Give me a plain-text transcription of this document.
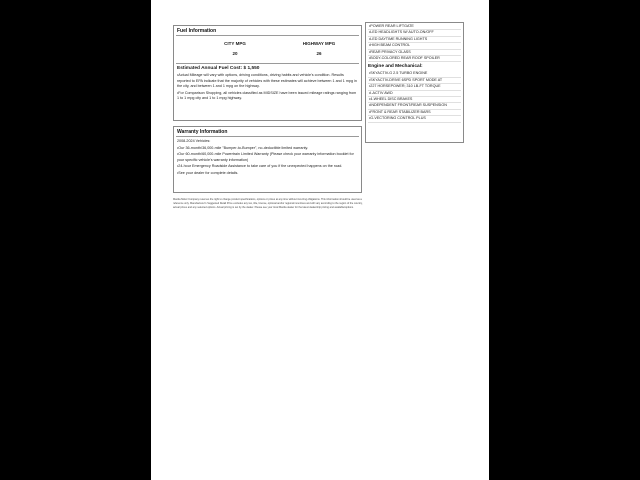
Fuel Information
CITY MPG
20
HIGHWAY MPG
26
Estimated Annual Fuel Cost: $ 1,550

•Actual Mileage will vary with options, driving conditions, driving habits and vehicle's condition. Results reported to EPA indicate that the majority of vehicles with these estimates will achieve between 1 and 1 mpg in the city, and between 1 and 1 mpg on the highway.

•For Comparison Shopping, all vehicles classified as MIDSIZE have been issued mileage ratings ranging from 1 to 1 mpg city and 1 to 1 mpg highway.

Warranty Information

2008-2024 Vehicles:

•Our 36-month/36,000-mile "Bumper-to-Bumper", no-deductible limited warranty.

•Our 60-month/60,000-mile Powertrain Limited Warranty (Please check your warranty information booklet for your specific vehicle's warranty information)

•24-hour Emergency Roadside Assistance to take care of you if the unexpected happens on the road.

•See your dealer for complete details.

Mazda Motor Company reserves the right to change product specifications, options or prices at any time without incurring obligations. This information should be used as a reference only. Manufacturer's Suggested Retail Price excludes any tax, title, license, optional and/or regional incentives and will vary according to the region of the country, actual prices and any selected options. Actual pricing is set by the dealer. Please see your local Mazda dealer for the latest dealership pricing and available/options.
•POWER REAR LIFTGATE
•LED HEADLIGHTS W/ AUTO-ON/OFF
•LED DAYTIME RUNNING LIGHTS
•HIGH BEAM CONTROL
•REAR PRIVACY GLASS
•BODY-COLORED REAR ROOF SPOILER
Engine and Mechanical:
•SKYACTIV-G 2.5 TURBO ENGINE
•SKYACTIV-DRIVE 6SPD SPORT MODE AT
•227 HORSEPOWER; 310 LB-FT TORQUE
•I-ACTIV AWD
•4-WHEEL DISC BRAKES
•INDEPENDENT FRONT/REAR SUSPENSION
•FRONT & REAR STABILIZER BARS
•G-VECTORING CONTROL PLUS
